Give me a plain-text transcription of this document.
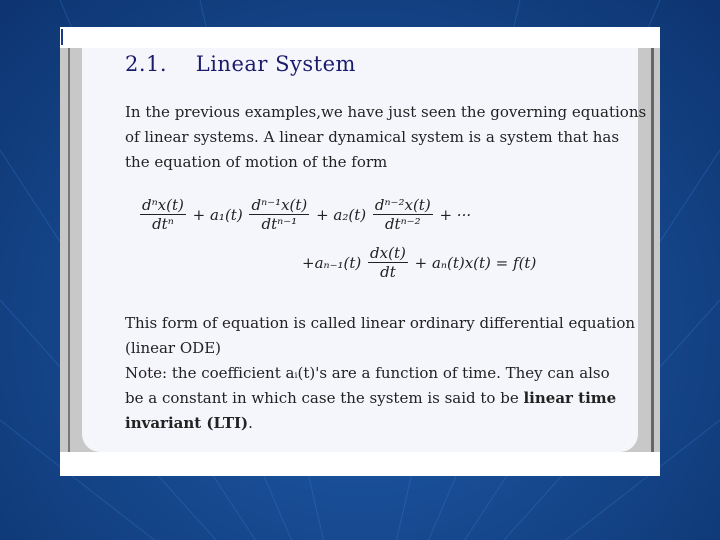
2.1.    Linear System
In the previous examples,we have just seen the governing equations
of linear systems. A linear dynamical system is a system that has
the equation of motion of the form
$\frac{\text{dⁿx(t)}}{\text{dtⁿ}} + a_1(t) \frac{\text{dⁿ⁻¹x(t)}}{\text{dtⁿ⁻¹}} + a_2(t) \frac{\text{dⁿ⁻²x(t)}}{\text{dtⁿ⁻²}}$ + ···
$+a_{n-1}(t) \frac{dx(t)}{dt} + a_n(t)x(t) = f(t)$
This form of equation is called linear ordinary differential equation
(linear ODE)
Note: the coefficient aᵢ(t)'s are a function of time. They can also
be a constant in which case the system is said to be linear time
invariant (LTI).
